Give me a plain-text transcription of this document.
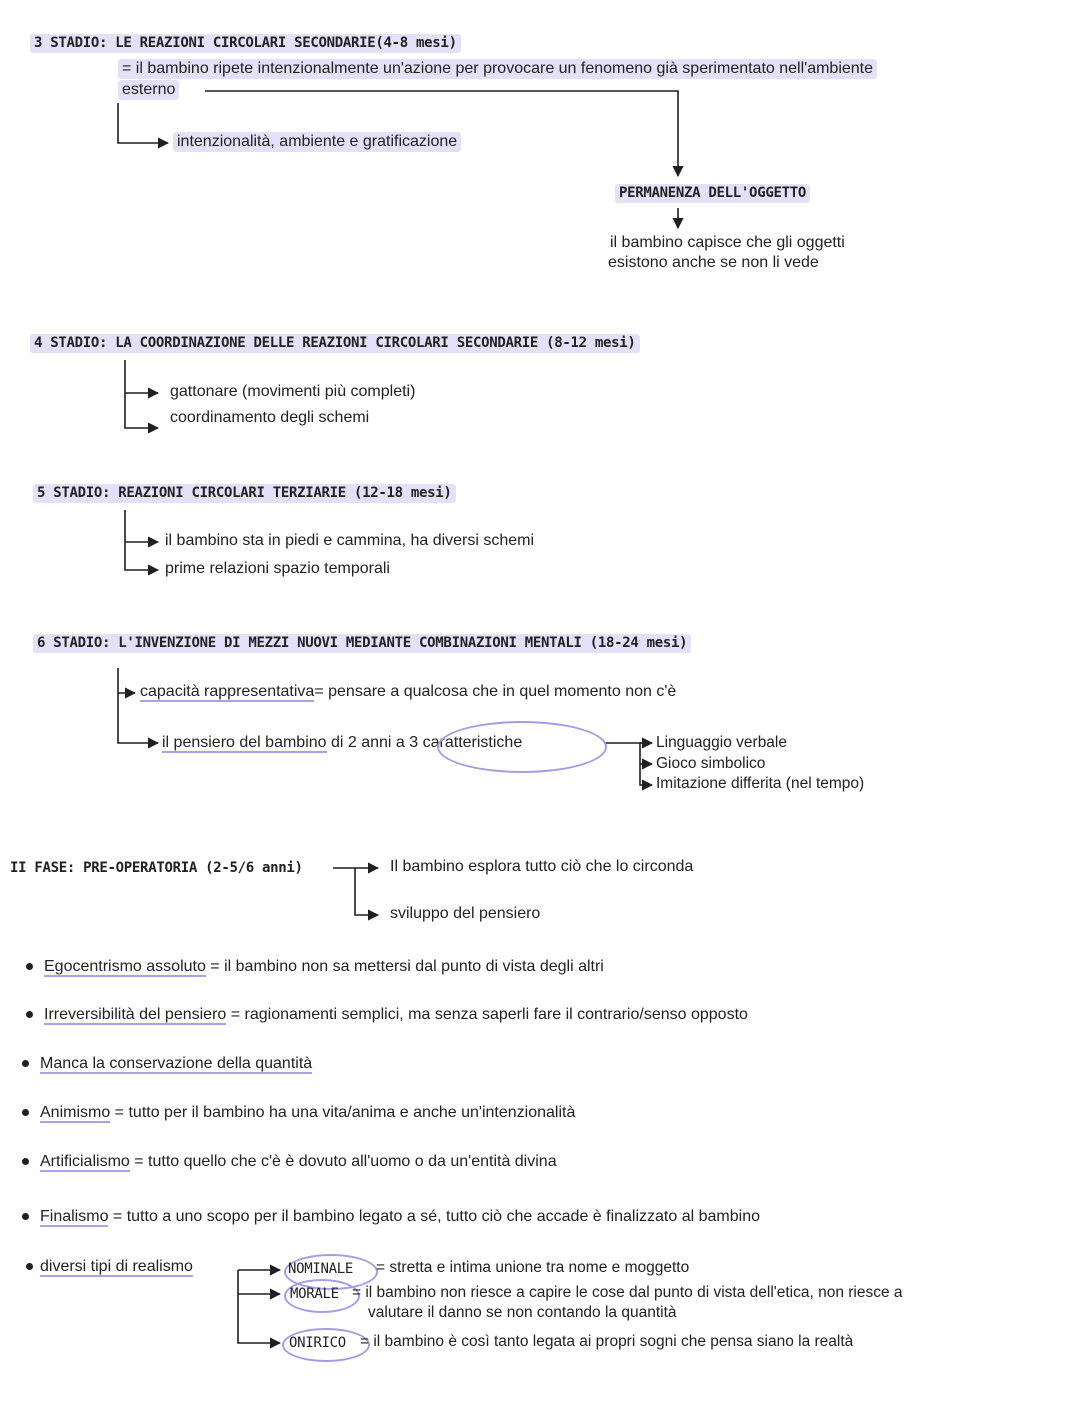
3 STADIO: LE REAZIONI CIRCOLARI SECONDARIE(4-8 mesi)
= il bambino ripete intenzionalmente un'azione per provocare un fenomeno già sperimentato nell'ambiente
esterno
intenzionalità, ambiente e gratificazione
PERMANENZA DELL'OGGETTO
il bambino capisce che gli oggetti
esistono anche se non li vede
4 STADIO: LA COORDINAZIONE DELLE REAZIONI CIRCOLARI SECONDARIE (8-12 mesi)
gattonare (movimenti più completi)
coordinamento degli schemi
5 STADIO: REAZIONI CIRCOLARI TERZIARIE (12-18 mesi)
il bambino sta in piedi e cammina, ha diversi schemi
prime relazioni spazio temporali
6 STADIO: L'INVENZIONE DI MEZZI NUOVI MEDIANTE COMBINAZIONI MENTALI (18-24 mesi)
capacità rappresentativa= pensare a qualcosa che in quel momento non c'è
il pensiero del bambino di 2 anni a 3 caratteristiche	Linguaggio verbale
Gioco simbolico
Imitazione differita (nel tempo)
II FASE: PRE-OPERATORIA (2-5/6 anni)	Il bambino esplora tutto ciò che lo circonda
sviluppo del pensiero
Egocentrismo assoluto = il bambino non sa mettersi dal punto di vista degli altri
Irreversibilità del pensiero = ragionamenti semplici, ma senza saperli fare il contrario/senso opposto
Manca la conservazione della quantità
Animismo = tutto per il bambino ha una vita/anima e anche un'intenzionalità
Artificialismo = tutto quello che c'è è dovuto all'uomo o da un'entità divina
Finalismo = tutto a uno scopo per il bambino legato a sé, tutto ciò che accade è finalizzato al bambino
diversi tipi di realismo	NOMINALE = stretta e intima unione tra nome e moggetto
MORALE = il bambino non riesce a capire le cose dal punto di vista dell'etica, non riesce a
valutare il danno se non contando la quantità
ONIRICO = il bambino è così tanto legata ai propri sogni che pensa siano la realtà
